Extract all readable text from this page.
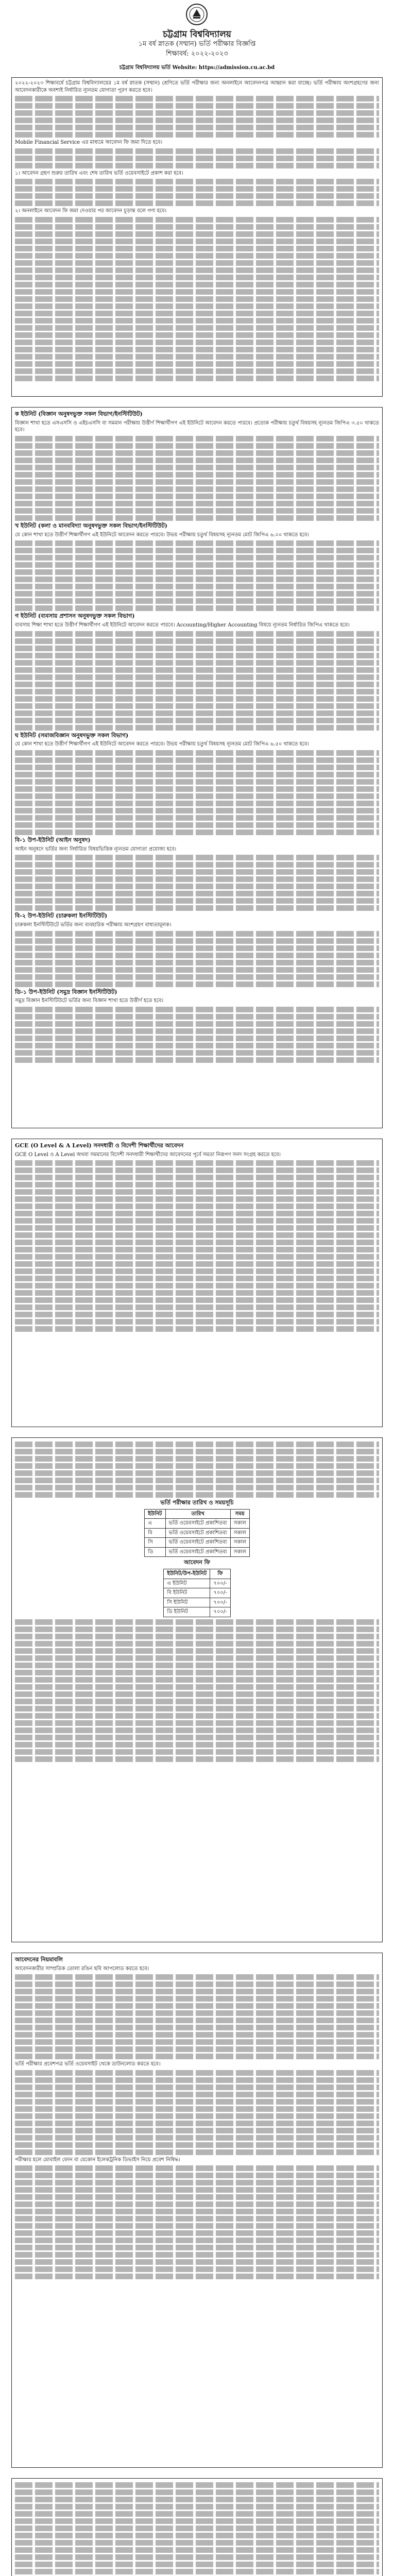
চট্টগ্রাম বিশ্ববিদ্যালয়
১ম বর্ষ স্নাতক (সম্মান) ভর্তি পরীক্ষার বিজ্ঞপ্তি
শিক্ষাবর্ষ: ২০২২-২০২৩

চট্টগ্রাম বিশ্ববিদ্যালয় ভর্তি Website: https://admission.cu.ac.bd

২০২২-২০২৩ শিক্ষাবর্ষে চট্টগ্রাম বিশ্ববিদ্যালয়ের ১ম বর্ষ স্নাতক (সম্মান) শ্রেণিতে ভর্তি পরীক্ষার জন্য অনলাইনে আবেদনপত্র আহ্বান করা যাচ্ছে। ভর্তি পরীক্ষায় অংশগ্রহণের জন্য আবেদনকারীকে অবশ্যই নির্ধারিত ন্যূনতম যোগ্যতা পূরণ করতে হবে।

Mobile Financial Service এর মাধ্যমে আবেদন ফি জমা দিতে হবে।

১। আবেদন গ্রহণ শুরুর তারিখ এবং শেষ তারিখ ভর্তি ওয়েবসাইটে প্রকাশ করা হবে।

২। অনলাইনে আবেদন ফি জমা দেওয়ার পর আবেদন চূড়ান্ত বলে গণ্য হবে।

ক ইউনিট (বিজ্ঞান অনুষদভুক্ত সকল বিভাগ/ইনস্টিটিউট)

বিজ্ঞান শাখা হতে এসএসসি ও এইচএসসি বা সমমান পরীক্ষায় উত্তীর্ণ শিক্ষার্থীগণ এই ইউনিটে আবেদন করতে পারবে। প্রত্যেক পরীক্ষায় চতুর্থ বিষয়সহ ন্যূনতম জিপিএ ৩.৫০ থাকতে হবে।

খ ইউনিট (কলা ও মানববিদ্যা অনুষদভুক্ত সকল বিভাগ/ইনস্টিটিউট)

যে কোন শাখা হতে উত্তীর্ণ শিক্ষার্থীগণ এই ইউনিটে আবেদন করতে পারবে। উভয় পরীক্ষায় চতুর্থ বিষয়সহ ন্যূনতম মোট জিপিএ ৬.০০ থাকতে হবে।

গ ইউনিট (ব্যবসায় প্রশাসন অনুষদভুক্ত সকল বিভাগ)

ব্যবসায় শিক্ষা শাখা হতে উত্তীর্ণ শিক্ষার্থীগণ এই ইউনিটে আবেদন করতে পারবে। Accounting/Higher Accounting বিষয়ে ন্যূনতম নির্ধারিত জিপিএ থাকতে হবে।

ঘ ইউনিট (সমাজবিজ্ঞান অনুষদভুক্ত সকল বিভাগ)

যে কোন শাখা হতে উত্তীর্ণ শিক্ষার্থীগণ এই ইউনিটে আবেদন করতে পারবে। উভয় পরীক্ষায় চতুর্থ বিষয়সহ ন্যূনতম মোট জিপিএ ৬.৫০ থাকতে হবে।

বি-১ উপ-ইউনিট (আইন অনুষদ)

আইন অনুষদে ভর্তির জন্য নির্ধারিত বিষয়ভিত্তিক ন্যূনতম যোগ্যতা প্রযোজ্য হবে।

বি-২ উপ-ইউনিট (চারুকলা ইনস্টিটিউট)

চারুকলা ইনস্টিটিউটে ভর্তির জন্য ব্যবহারিক পরীক্ষায় অংশগ্রহণ বাধ্যতামূলক।

ডি-১ উপ-ইউনিট (সমুদ্র বিজ্ঞান ইনস্টিটিউট)

সমুদ্র বিজ্ঞান ইনস্টিটিউটে ভর্তির জন্য বিজ্ঞান শাখা হতে উত্তীর্ণ হতে হবে।

GCE (O Level & A Level) সনদধারী ও বিদেশী শিক্ষার্থীদের আবেদন

GCE O Level ও A Level অথবা সমমানের বিদেশী সনদধারী শিক্ষার্থীদের আবেদনের পূর্বে সমতা নিরূপণ সনদ সংগ্রহ করতে হবে।

ভর্তি পরীক্ষার তারিখ ও সময়সূচি
ইউনিট	তারিখ	সময়
এ	ভর্তি ওয়েবসাইটে প্রকাশিতব্য	সকাল
বি	ভর্তি ওয়েবসাইটে প্রকাশিতব্য	সকাল
সি	ভর্তি ওয়েবসাইটে প্রকাশিতব্য	সকাল
ডি	ভর্তি ওয়েবসাইটে প্রকাশিতব্য	সকাল
আবেদন ফি
ইউনিট/উপ-ইউনিট	ফি
এ ইউনিট	৭০০/-
বি ইউনিট	৭০০/-
সি ইউনিট	৭০০/-
ডি ইউনিট	৭০০/-
আবেদনের নিয়মাবলি

আবেদনকারীর সাম্প্রতিক তোলা রঙিন ছবি আপলোড করতে হবে।

ভর্তি পরীক্ষার প্রবেশপত্র ভর্তি ওয়েবসাইট থেকে ডাউনলোড করতে হবে।

পরীক্ষার হলে মোবাইল ফোন বা যেকোন ইলেকট্রনিক ডিভাইস নিয়ে প্রবেশ নিষিদ্ধ।
